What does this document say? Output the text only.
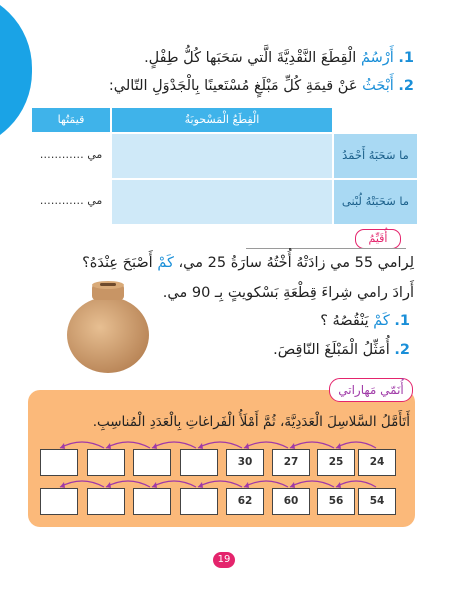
1. أَرْسُمُ الْقِطَعَ النَّقْدِيَّةَ الَّتي سَحَبَها كُلُّ طِفْلٍ.
2. أَبْحَثُ عَنْ قيمَةِ كُلِّ مَبْلَغٍ مُسْتَعينًا بِالْجَدْوَلِ التّالي:
الْقِطَعُ الْمَسْحوبَةُ
قيمَتُها
ما سَحَبَهُ أَحْمَدُ
………… مي
ما سَحَبَتْهُ لُبْنى
………… مي
أُقَيِّمُ
لِرامي 55 مي زادَتْهُ أُخْتُهُ سارَةُ 25 مي، كَمْ أَصْبَحَ عِنْدَهُ؟
أَرادَ رامي شِراءَ قِطْعَةِ بَسْكويتٍ بِـ 90 مي.
1. كَمْ يَنْقُصُهُ ؟
2. أُمَثِّلُ الْمَبْلَغَ النّاقِصَ.
أُنَمّي مَهاراتي
أَتَأَمَّلُ السَّلاسِلَ الْعَدَدِيَّةَ، ثُمَّ أَمْلَأُ الْفَراغاتِ بِالْعَدَدِ الْمُناسِبِ.
24
25
27
30
54
56
60
62
19
